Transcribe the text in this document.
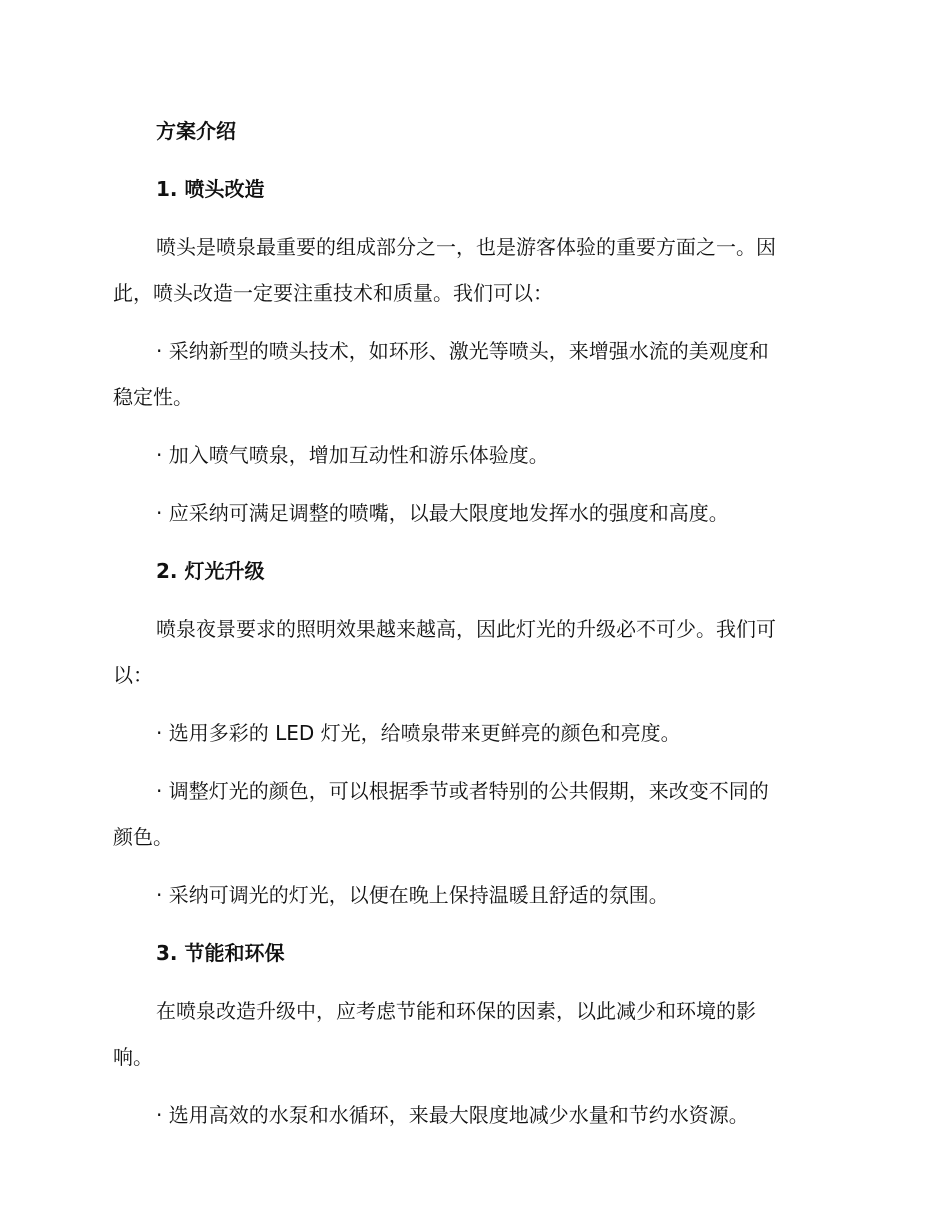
方案介绍
1. 喷头改造
喷头是喷泉最重要的组成部分之一，也是游客体验的重要方面之一。因
此，喷头改造一定要注重技术和质量。我们可以：
· 采纳新型的喷头技术，如环形、激光等喷头，来增强水流的美观度和
稳定性。
· 加入喷气喷泉，增加互动性和游乐体验度。
· 应采纳可满足调整的喷嘴，以最大限度地发挥水的强度和高度。
2. 灯光升级
喷泉夜景要求的照明效果越来越高，因此灯光的升级必不可少。我们可
以：
· 选用多彩的 LED 灯光，给喷泉带来更鲜亮的颜色和亮度。
· 调整灯光的颜色，可以根据季节或者特别的公共假期，来改变不同的
颜色。
· 采纳可调光的灯光，以便在晚上保持温暖且舒适的氛围。
3. 节能和环保
在喷泉改造升级中，应考虑节能和环保的因素，以此减少和环境的影
响。
· 选用高效的水泵和水循环，来最大限度地减少水量和节约水资源。
